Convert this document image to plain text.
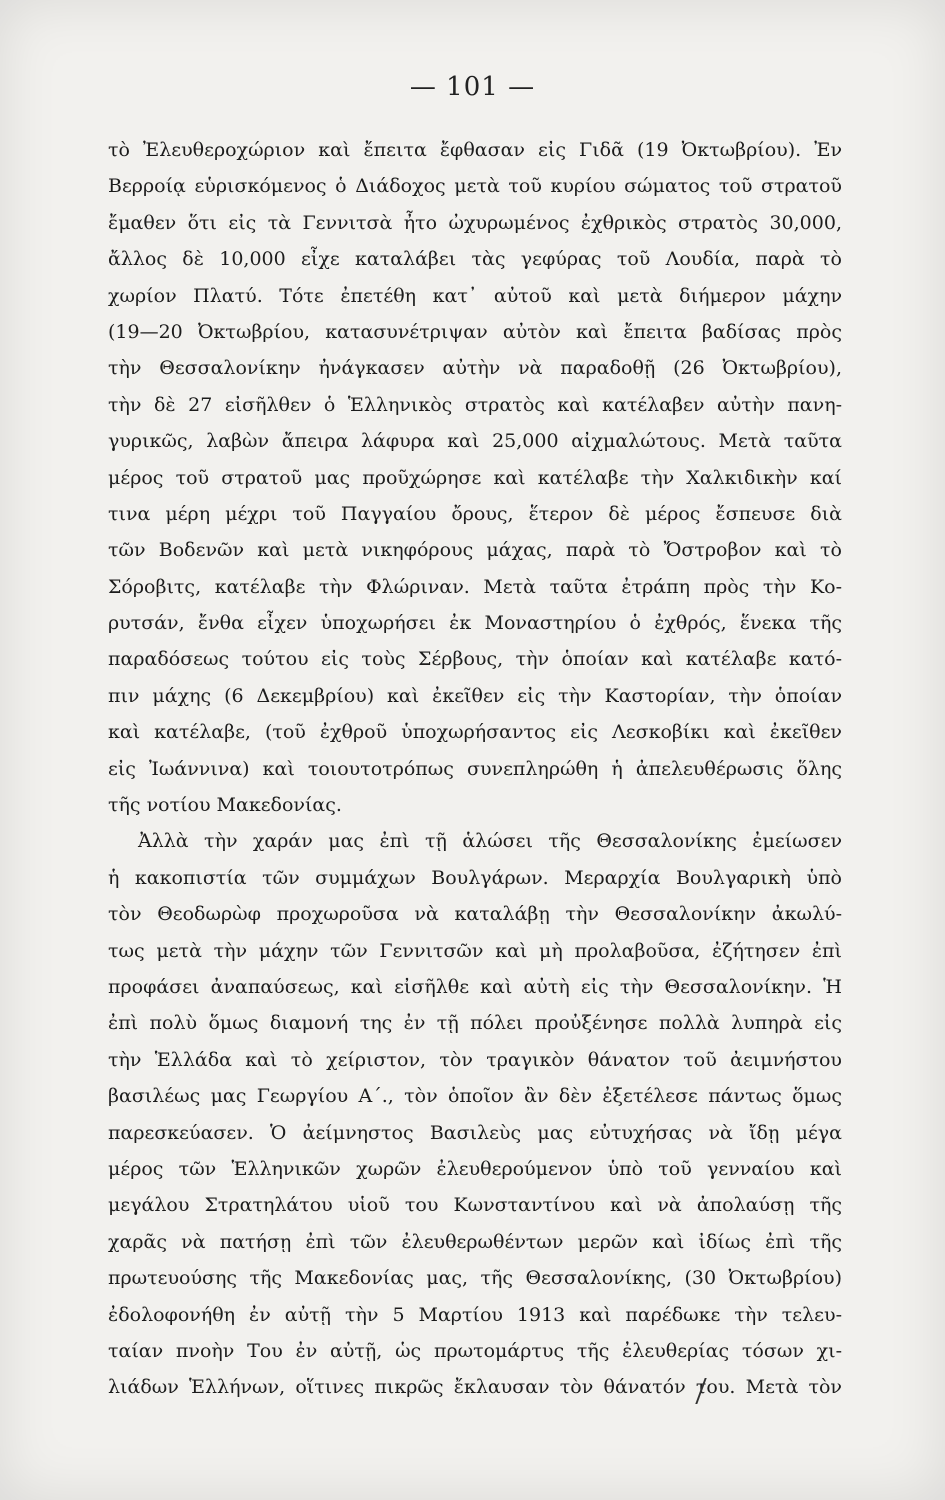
— 101 —
τὸ Ἐλευθεροχώριον καὶ ἔπειτα ἔφθασαν εἰς Γιδᾶ (19 Ὀκτωβρίου). Ἐν
Βερροίᾳ εὑρισκόμενος ὁ Διάδοχος μετὰ τοῦ κυρίου σώματος τοῦ στρατοῦ
ἔμαθεν ὅτι εἰς τὰ Γεννιτσὰ ἦτο ὠχυρωμένος ἐχθρικὸς στρατὸς 30,000,
ἄλλος δὲ 10,000 εἶχε καταλάβει τὰς γεφύρας τοῦ Λουδία, παρὰ τὸ
χωρίον Πλατύ. Τότε ἐπετέθη κατ᾽ αὐτοῦ καὶ μετὰ διήμερον μάχην
(19—20 Ὀκτωβρίου, κατασυνέτριψαν αὐτὸν καὶ ἔπειτα βαδίσας πρὸς
τὴν Θεσσαλονίκην ἠνάγκασεν αὐτὴν νὰ παραδοθῇ (26 Ὀκτωβρίου),
τὴν δὲ 27 εἰσῆλθεν ὁ Ἑλληνικὸς στρατὸς καὶ κατέλαβεν αὐτὴν πανη-
γυρικῶς, λαβὼν ἄπειρα λάφυρα καὶ 25,000 αἰχμαλώτους. Μετὰ ταῦτα
μέρος τοῦ στρατοῦ μας προῦχώρησε καὶ κατέλαβε τὴν Χαλκιδικὴν καί
τινα μέρη μέχρι τοῦ Παγγαίου ὄρους, ἕτερον δὲ μέρος ἔσπευσε διὰ
τῶν Βοδενῶν καὶ μετὰ νικηφόρους μάχας, παρὰ τὸ Ὄστροβον καὶ τὸ
Σόροβιτς, κατέλαβε τὴν Φλώριναν. Μετὰ ταῦτα ἐτράπη πρὸς τὴν Κο-
ρυτσάν, ἔνθα εἶχεν ὑποχωρήσει ἐκ Μοναστηρίου ὁ ἐχθρός, ἕνεκα τῆς
παραδόσεως τούτου εἰς τοὺς Σέρβους, τὴν ὁποίαν καὶ κατέλαβε κατό-
πιν μάχης (6 Δεκεμβρίου) καὶ ἐκεῖθεν εἰς τὴν Καστορίαν, τὴν ὁποίαν
καὶ κατέλαβε, (τοῦ ἐχθροῦ ὑποχωρήσαντος εἰς Λεσκοβίκι καὶ ἐκεῖθεν
εἰς Ἰωάννινα) καὶ τοιουτοτρόπως συνεπληρώθη ἡ ἀπελευθέρωσις ὅλης
τῆς νοτίου Μακεδονίας.
Ἀλλὰ τὴν χαράν μας ἐπὶ τῇ ἁλώσει τῆς Θεσσαλονίκης ἐμείωσεν
ἡ κακοπιστία τῶν συμμάχων Βουλγάρων. Μεραρχία Βουλγαρικὴ ὑπὸ
τὸν Θεοδωρὼφ προχωροῦσα νὰ καταλάβῃ τὴν Θεσσαλονίκην ἀκωλύ-
τως μετὰ τὴν μάχην τῶν Γεννιτσῶν καὶ μὴ προλαβοῦσα, ἐζήτησεν ἐπὶ
προφάσει ἀναπαύσεως, καὶ εἰσῆλθε καὶ αὐτὴ εἰς τὴν Θεσσαλονίκην. Ἡ
ἐπὶ πολὺ ὅμως διαμονή της ἐν τῇ πόλει προὐξένησε πολλὰ λυπηρὰ εἰς
τὴν Ἑλλάδα καὶ τὸ χείριστον, τὸν τραγικὸν θάνατον τοῦ ἀειμνήστου
βασιλέως μας Γεωργίου Α΄., τὸν ὁποῖον ἂν δὲν ἐξετέλεσε πάντως ὅμως
παρεσκεύασεν. Ὁ ἀείμνηστος Βασιλεὺς μας εὐτυχήσας νὰ ἴδῃ μέγα
μέρος τῶν Ἑλληνικῶν χωρῶν ἐλευθερούμενον ὑπὸ τοῦ γενναίου καὶ
μεγάλου Στρατηλάτου υἱοῦ του Κωνσταντίνου καὶ νὰ ἀπολαύσῃ τῆς
χαρᾶς νὰ πατήσῃ ἐπὶ τῶν ἐλευθερωθέντων μερῶν καὶ ἰδίως ἐπὶ τῆς
πρωτευούσης τῆς Μακεδονίας μας, τῆς Θεσσαλονίκης, (30 Ὀκτωβρίου)
ἐδολοφονήθη ἐν αὐτῇ τὴν 5 Μαρτίου 1913 καὶ παρέδωκε τὴν τελευ-
ταίαν πνοὴν Του ἐν αὐτῇ, ὡς πρωτομάρτυς τῆς ἐλευθερίας τόσων χι-
λιάδων Ἑλλήνων, οἵτινες πικρῶς ἔκλαυσαν τὸν θάνατόν του. Μετὰ τὸν
